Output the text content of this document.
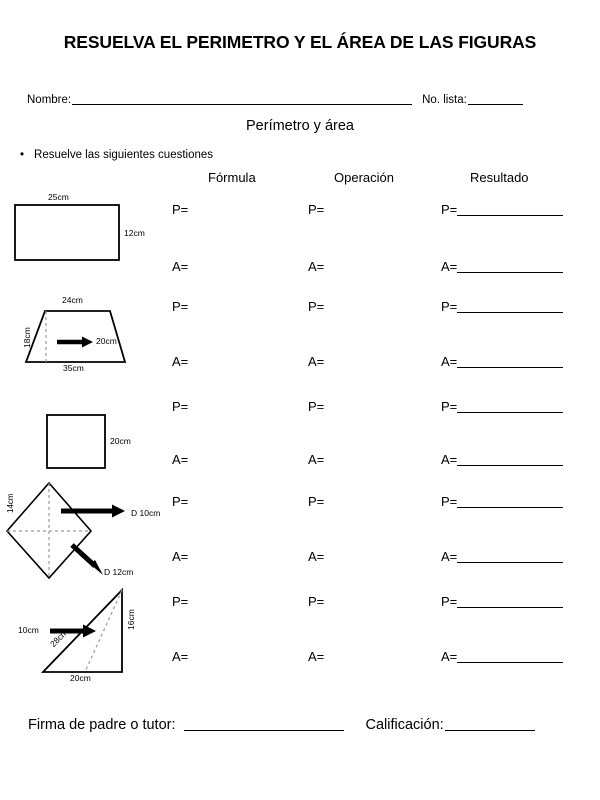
RESUELVA EL PERIMETRO Y EL ÁREA DE LAS FIGURAS
Nombre:	No. lista:
Perímetro y área
• Resuelve las siguientes cuestiones
Fórmula	Operación	Resultado
25cm
12cm
24cm
18cm	20cm
35cm
20cm
14cm	D 10cm
D 12cm
10cm 28cm
16cm
20cm
P=	P=	P=
A=	A=	A=
P=	P=	P=
A=	A=	A=
P=	P=	P=
A=	A=	A=
P=	P=	P=
A=	A=	A=
P=	P=	P=
A=	A=	A=
Firma de padre o tutor:	Calificación:
